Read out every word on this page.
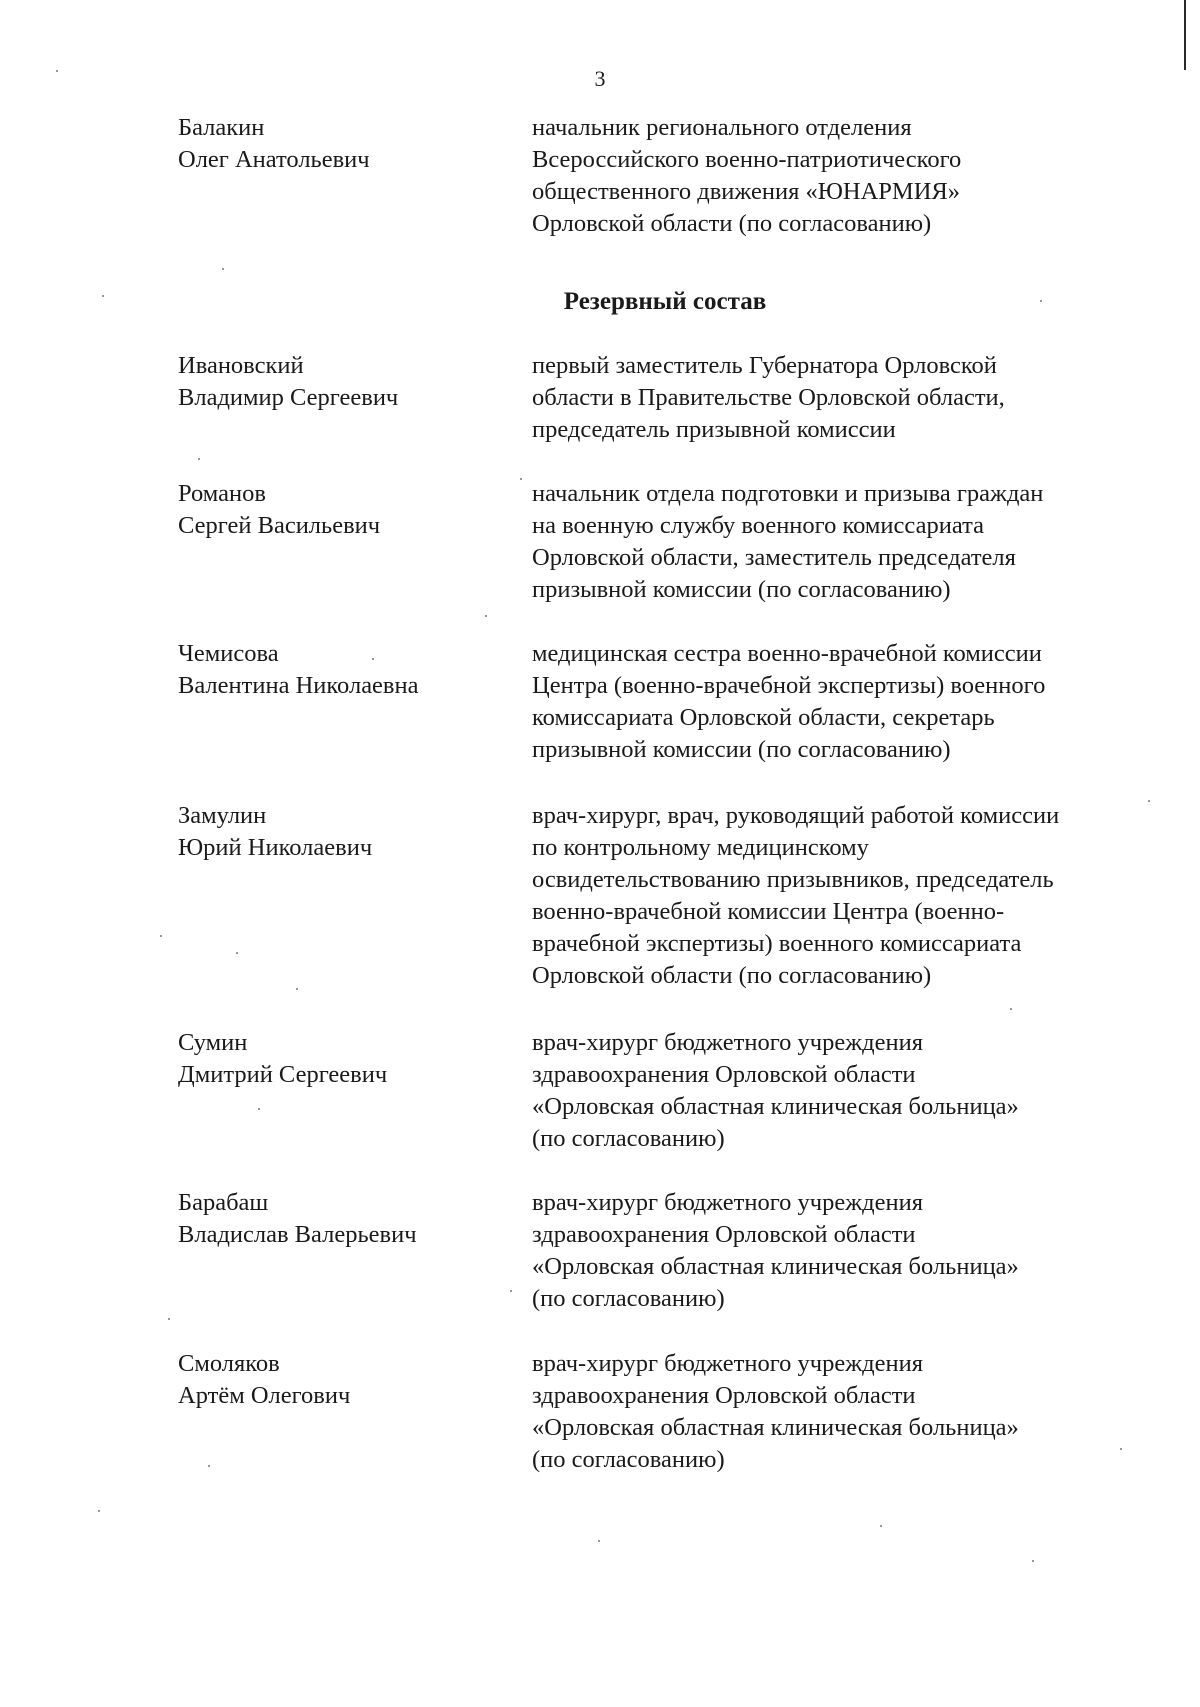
3
Балакин
Олег Анатольевич
начальник регионального отделения
Всероссийского военно-патриотического
общественного движения «ЮНАРМИЯ»
Орловской области (по согласованию)
Резервный состав
Ивановский
Владимир Сергеевич
первый заместитель Губернатора Орловской
области в Правительстве Орловской области,
председатель призывной комиссии
Романов
Сергей Васильевич
начальник отдела подготовки и призыва граждан
на военную службу военного комиссариата
Орловской области, заместитель председателя
призывной комиссии (по согласованию)
Чемисова
Валентина Николаевна
медицинская сестра военно-врачебной комиссии
Центра (военно-врачебной экспертизы) военного
комиссариата Орловской области, секретарь
призывной комиссии (по согласованию)
Замулин
Юрий Николаевич
врач-хирург, врач, руководящий работой комиссии
по контрольному медицинскому
освидетельствованию призывников, председатель
военно-врачебной комиссии Центра (военно-
врачебной экспертизы) военного комиссариата
Орловской области (по согласованию)
Сумин
Дмитрий Сергеевич
врач-хирург бюджетного учреждения
здравоохранения Орловской области
«Орловская областная клиническая больница»
(по согласованию)
Барабаш
Владислав Валерьевич
врач-хирург бюджетного учреждения
здравоохранения Орловской области
«Орловская областная клиническая больница»
(по согласованию)
Смоляков
Артём Олегович
врач-хирург бюджетного учреждения
здравоохранения Орловской области
«Орловская областная клиническая больница»
(по согласованию)
